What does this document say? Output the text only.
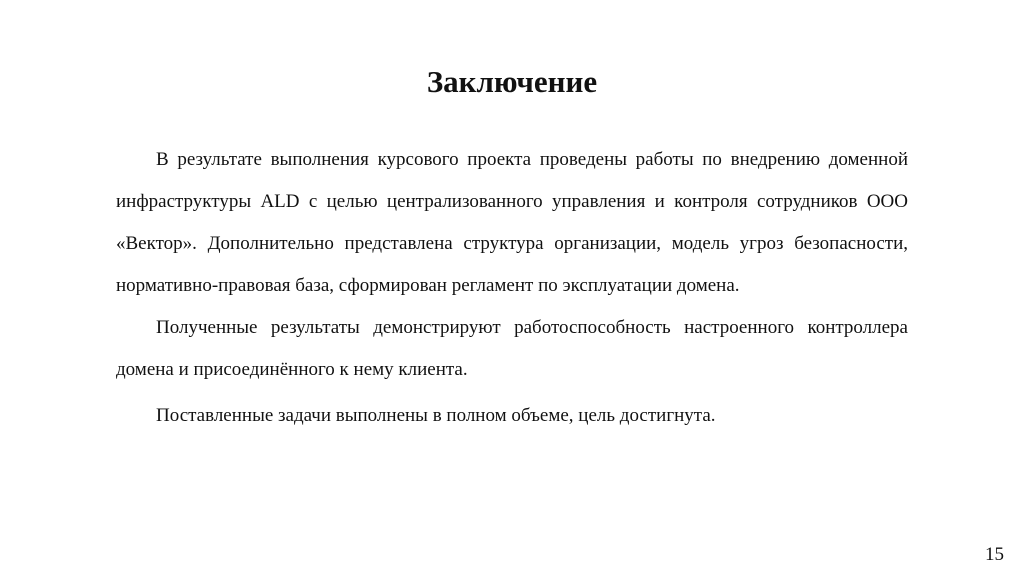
Заключение

В результате выполнения курсового проекта проведены работы по внедрению доменной инфраструктуры ALD с целью централизованного управления и контроля сотрудников ООО «Вектор». Дополнительно представлена структура организации, модель угроз безопасности, нормативно-правовая база, сформирован регламент по эксплуатации домена.

Полученные результаты демонстрируют работоспособность настроенного контроллера домена и присоединённого к нему клиента.

Поставленные задачи выполнены в полном объеме, цель достигнута.

15
